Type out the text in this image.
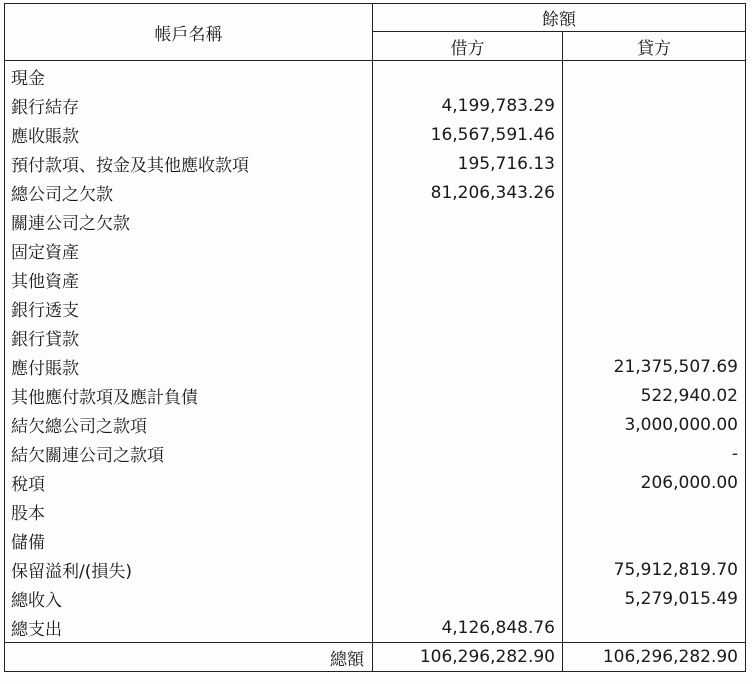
帳戶名稱	餘額	
	借方	貸方
現金		
銀行結存	4,199,783.29	
應收賬款	16,567,591.46	
預付款項、按金及其他應收款項	195,716.13	
總公司之欠款	81,206,343.26	
關連公司之欠款		
固定資產		
其他資產		
銀行透支		
銀行貸款		
應付賬款		21,375,507.69
其他應付款項及應計負債		522,940.02
結欠總公司之款項		3,000,000.00
結欠關連公司之款項		-
稅項		206,000.00
股本		
儲備		
保留溢利/(損失)		75,912,819.70
總收入		5,279,015.49
總支出	4,126,848.76	
總額	106,296,282.90	106,296,282.90
